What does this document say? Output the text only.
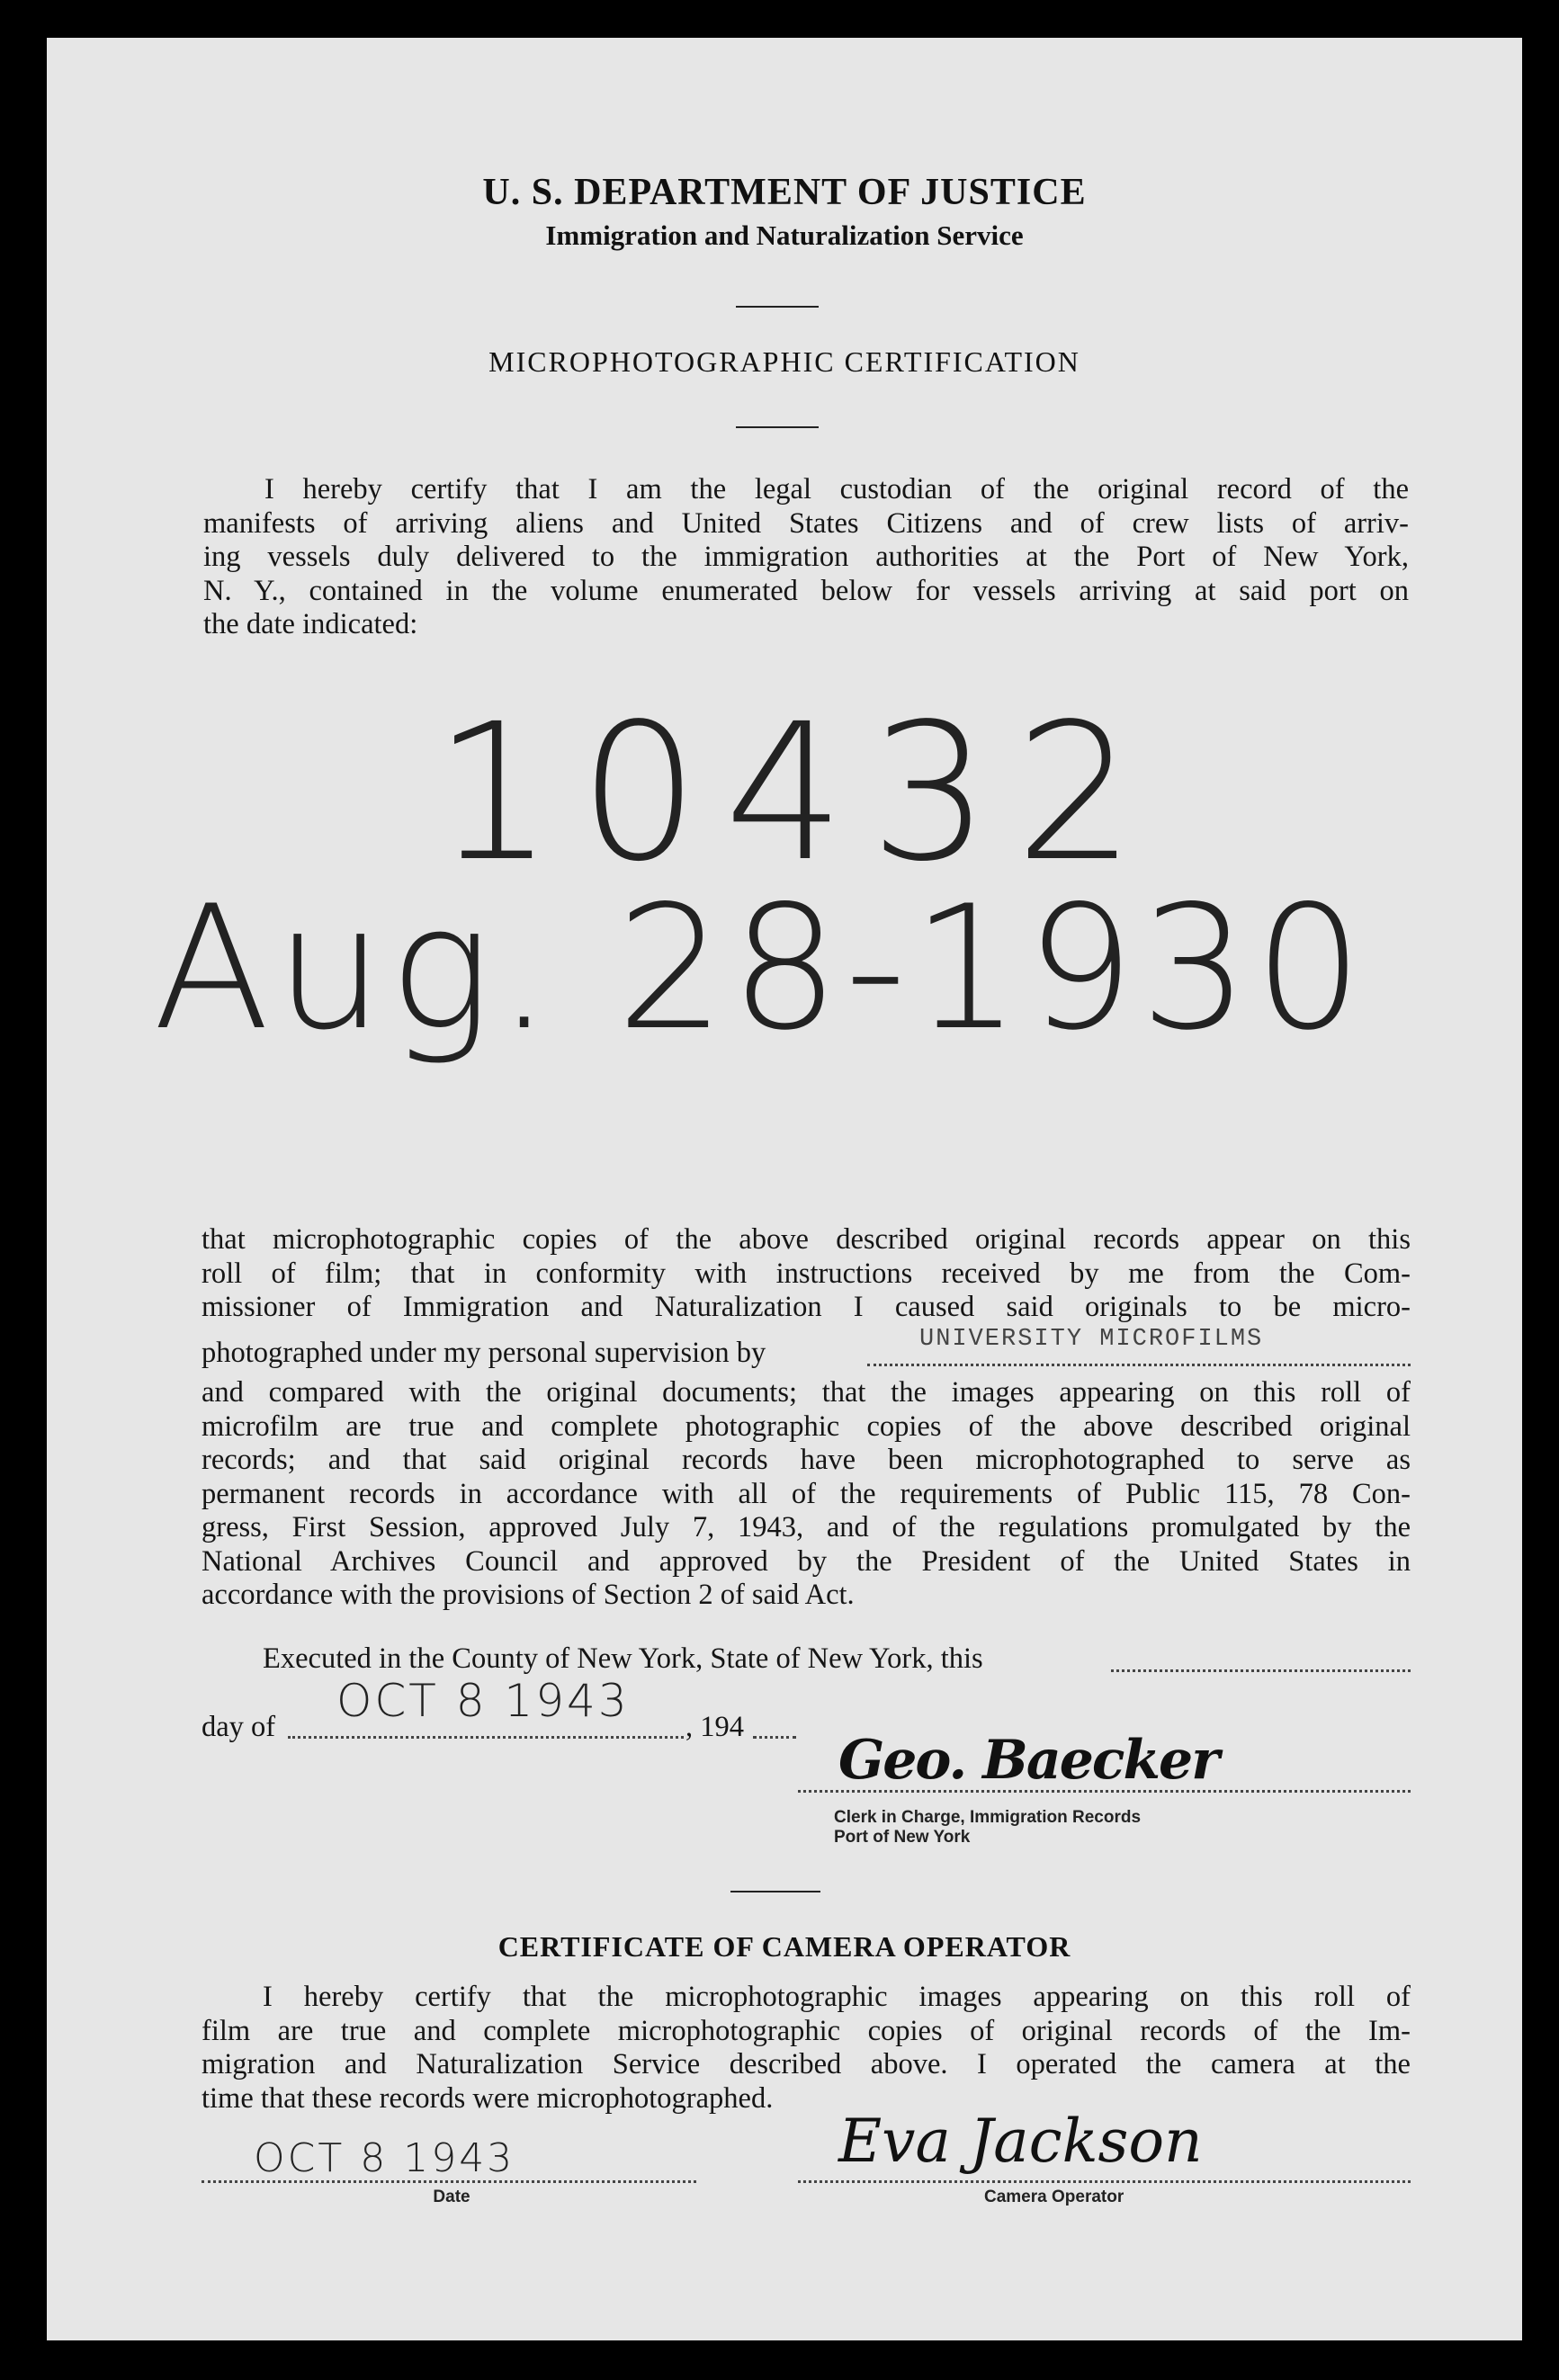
U. S. DEPARTMENT OF JUSTICE
Immigration and Naturalization Service
MICROPHOTOGRAPHIC CERTIFICATION
I hereby certify that I am the legal custodian of the original record of the
manifests of arriving aliens and United States Citizens and of crew lists of arriv-
ing vessels duly delivered to the immigration authorities at the Port of New York,
N. Y., contained in the volume enumerated below for vessels arriving at said port on
the date indicated:
10432
Aug. 28-1930
that microphotographic copies of the above described original records appear on this
roll of film; that in conformity with instructions received by me from the Com-
missioner of Immigration and Naturalization I caused said originals to be micro-
photographed under my personal supervision by	UNIVERSITY MICROFILMS
and compared with the original documents; that the images appearing on this roll of
microfilm are true and complete photographic copies of the above described original
records; and that said original records have been microphotographed to serve as
permanent records in accordance with all of the requirements of Public 115, 78 Con-
gress, First Session, approved July 7, 1943, and of the regulations promulgated by the
National Archives Council and approved by the President of the United States in
accordance with the provisions of Section 2 of said Act.
Executed in the County of New York, State of New York, this
day of	, 194
OCT 8 1943
Geo. Baecker
Clerk in Charge, Immigration Records
Port of New York
CERTIFICATE OF CAMERA OPERATOR
I hereby certify that the microphotographic images appearing on this roll of
film are true and complete microphotographic copies of original records of the Im-
migration and Naturalization Service described above. I operated the camera at the
time that these records were microphotographed.
OCT 8 1943
Date
Eva Jackson
Camera Operator
